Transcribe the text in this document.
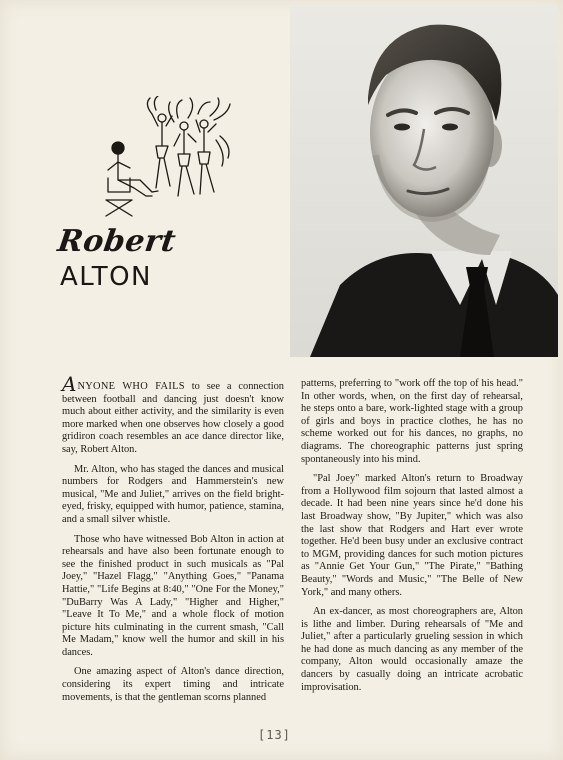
Robert
ALTON

ANYONE WHO FAILS to see a connection between football and dancing just doesn't know much about either activity, and the similarity is even more marked when one observes how closely a good gridiron coach resembles an ace dance director like, say, Robert Alton.

Mr. Alton, who has staged the dances and musical numbers for Rodgers and Hammerstein's new musical, "Me and Juliet," arrives on the field bright-eyed, frisky, equipped with humor, patience, stamina, and a small silver whistle.

Those who have witnessed Bob Alton in action at rehearsals and have also been fortunate enough to see the finished product in such musicals as "Pal Joey," "Hazel Flagg," "Anything Goes," "Panama Hattie," "Life Begins at 8:40," "One For the Money," "DuBarry Was A Lady," "Higher and Higher," "Leave It To Me," and a whole flock of motion picture hits culminating in the current smash, "Call Me Madam," know well the humor and skill in his dances.

One amazing aspect of Alton's dance direction, considering its expert timing and intricate movements, is that the gentleman scorns planned

patterns, preferring to "work off the top of his head." In other words, when, on the first day of rehearsal, he steps onto a bare, work-lighted stage with a group of girls and boys in practice clothes, he has no scheme worked out for his dances, no graphs, no diagrams. The choreographic patterns just spring spontaneously into his mind.

"Pal Joey" marked Alton's return to Broadway from a Hollywood film sojourn that lasted almost a decade. It had been nine years since he'd done his last Broadway show, "By Jupiter," which was also the last show that Rodgers and Hart ever wrote together. He'd been busy under an exclusive contract to MGM, providing dances for such motion pictures as "Annie Get Your Gun," "The Pirate," "Bathing Beauty," "Words and Music," "The Belle of New York," and many others.

An ex-dancer, as most choreographers are, Alton is lithe and limber. During rehearsals of "Me and Juliet," after a particularly grueling session in which he had done as much dancing as any member of the company, Alton would occasionally amaze the dancers by casually doing an intricate acrobatic improvisation.

[13]
